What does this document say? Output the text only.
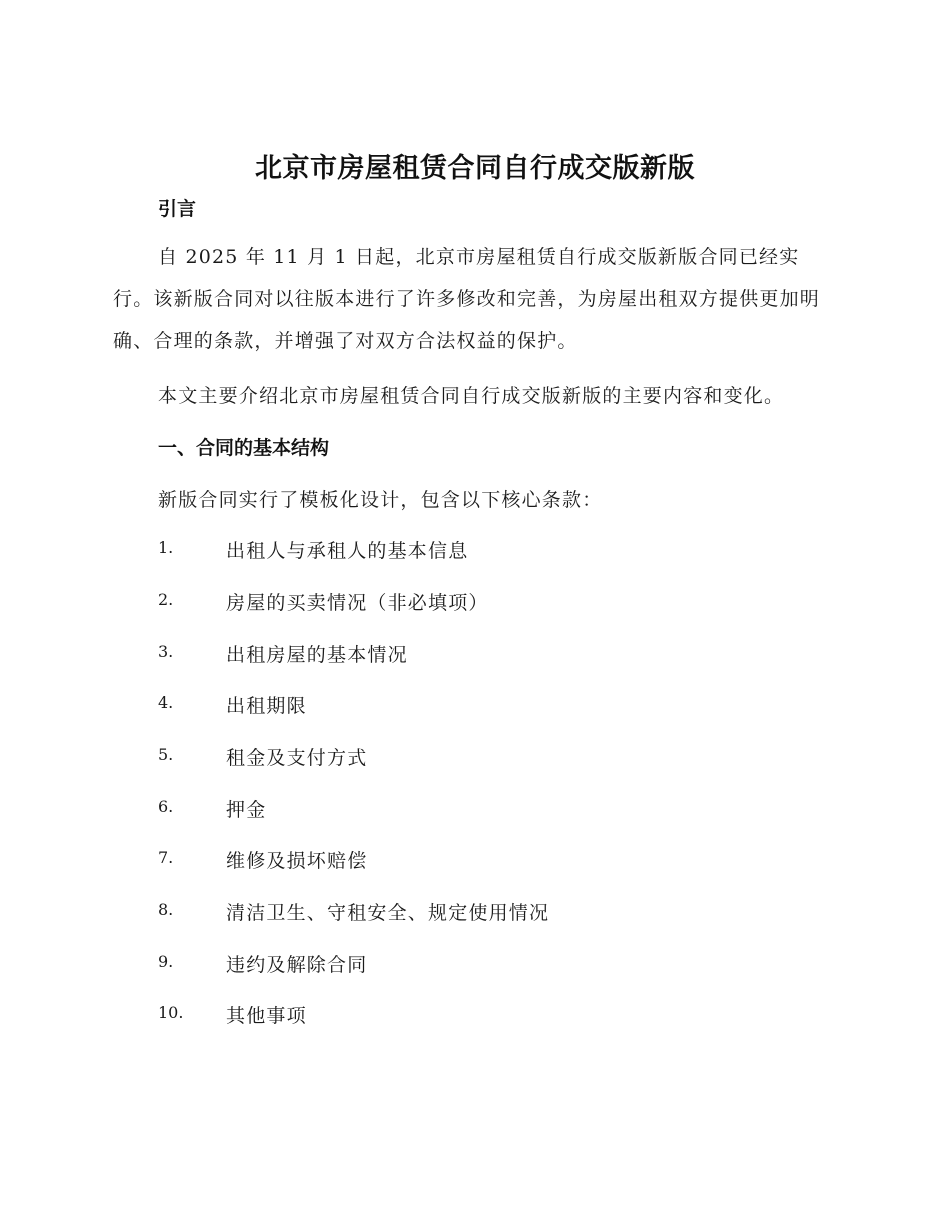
北京市房屋租赁合同自行成交版新版
引言

自 2025 年 11 月 1 日起，北京市房屋租赁自行成交版新版合同已经实行。该新版合同对以往版本进行了许多修改和完善，为房屋出租双方提供更加明确、合理的条款，并增强了对双方合法权益的保护。

本文主要介绍北京市房屋租赁合同自行成交版新版的主要内容和变化。

一、合同的基本结构

新版合同实行了模板化设计，包含以下核心条款：

1.	出租人与承租人的基本信息
2.	房屋的买卖情况（非必填项）
3.	出租房屋的基本情况
4.	出租期限
5.	租金及支付方式
6.	押金
7.	维修及损坏赔偿
8.	清洁卫生、守租安全、规定使用情况
9.	违约及解除合同
10. 其他事项
